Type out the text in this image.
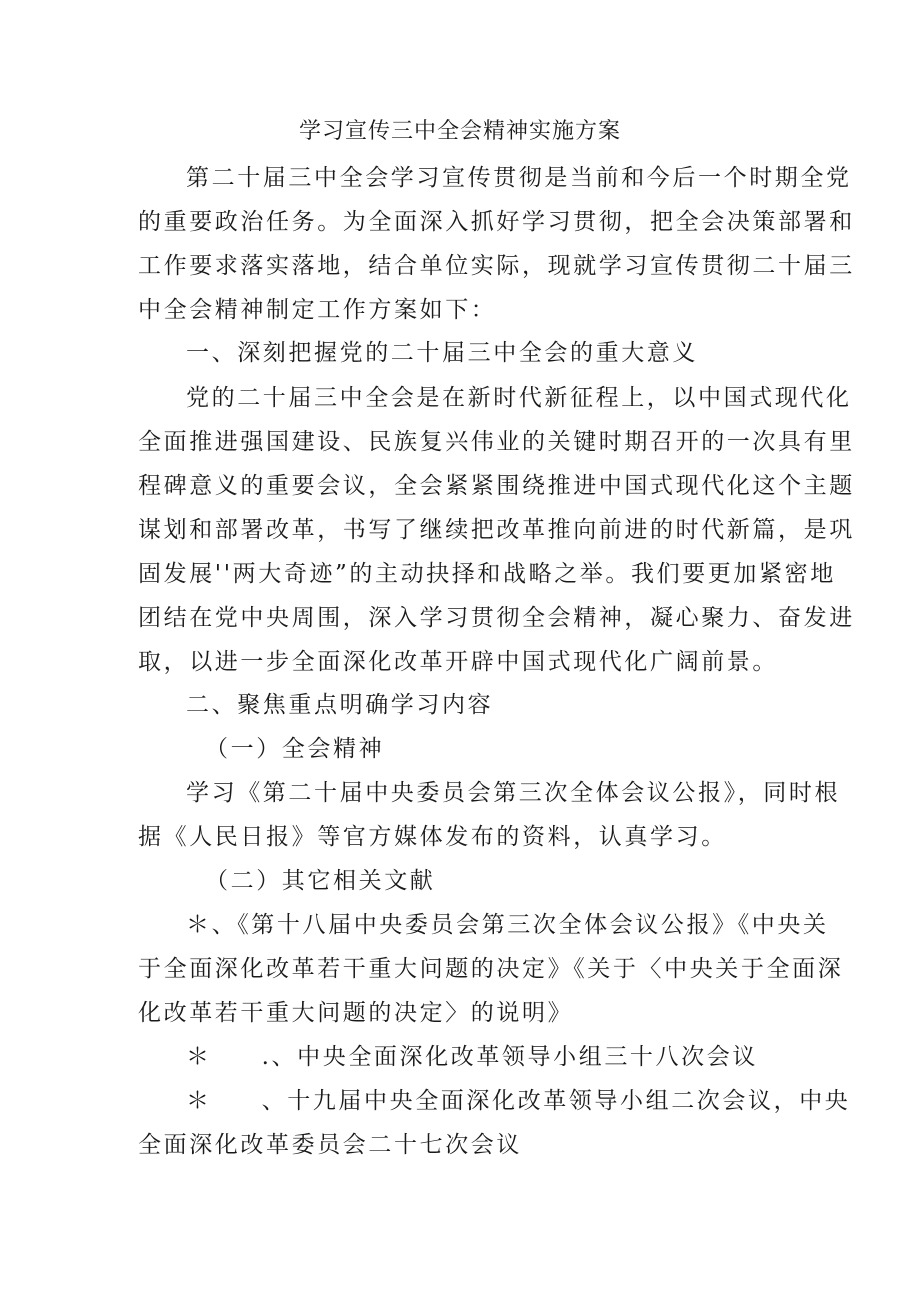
学习宣传三中全会精神实施方案
第二十届三中全会学习宣传贯彻是当前和今后一个时期全党
的重要政治任务。为全面深入抓好学习贯彻，把全会决策部署和
工作要求落实落地，结合单位实际，现就学习宣传贯彻二十届三
中全会精神制定工作方案如下：
一、深刻把握党的二十届三中全会的重大意义
党的二十届三中全会是在新时代新征程上，以中国式现代化
全面推进强国建设、民族复兴伟业的关键时期召开的一次具有里
程碑意义的重要会议，全会紧紧围绕推进中国式现代化这个主题
谋划和部署改革，书写了继续把改革推向前进的时代新篇，是巩
固发展''两大奇迹”的主动抉择和战略之举。我们要更加紧密地
团结在党中央周围，深入学习贯彻全会精神，凝心聚力、奋发进
取，以进一步全面深化改革开辟中国式现代化广阔前景。
二、聚焦重点明确学习内容
（一）全会精神
学习《第二十届中央委员会第三次全体会议公报》，同时根
据《人民日报》等官方媒体发布的资料，认真学习。
（二）其它相关文献
＊、《第十八届中央委员会第三次全体会议公报》《中央关
于全面深化改革若干重大问题的决定》《关于〈中央关于全面深
化改革若干重大问题的决定〉的说明》
＊ .、中央全面深化改革领导小组三十八次会议
＊ 、十九届中央全面深化改革领导小组二次会议，中央
全面深化改革委员会二十七次会议
